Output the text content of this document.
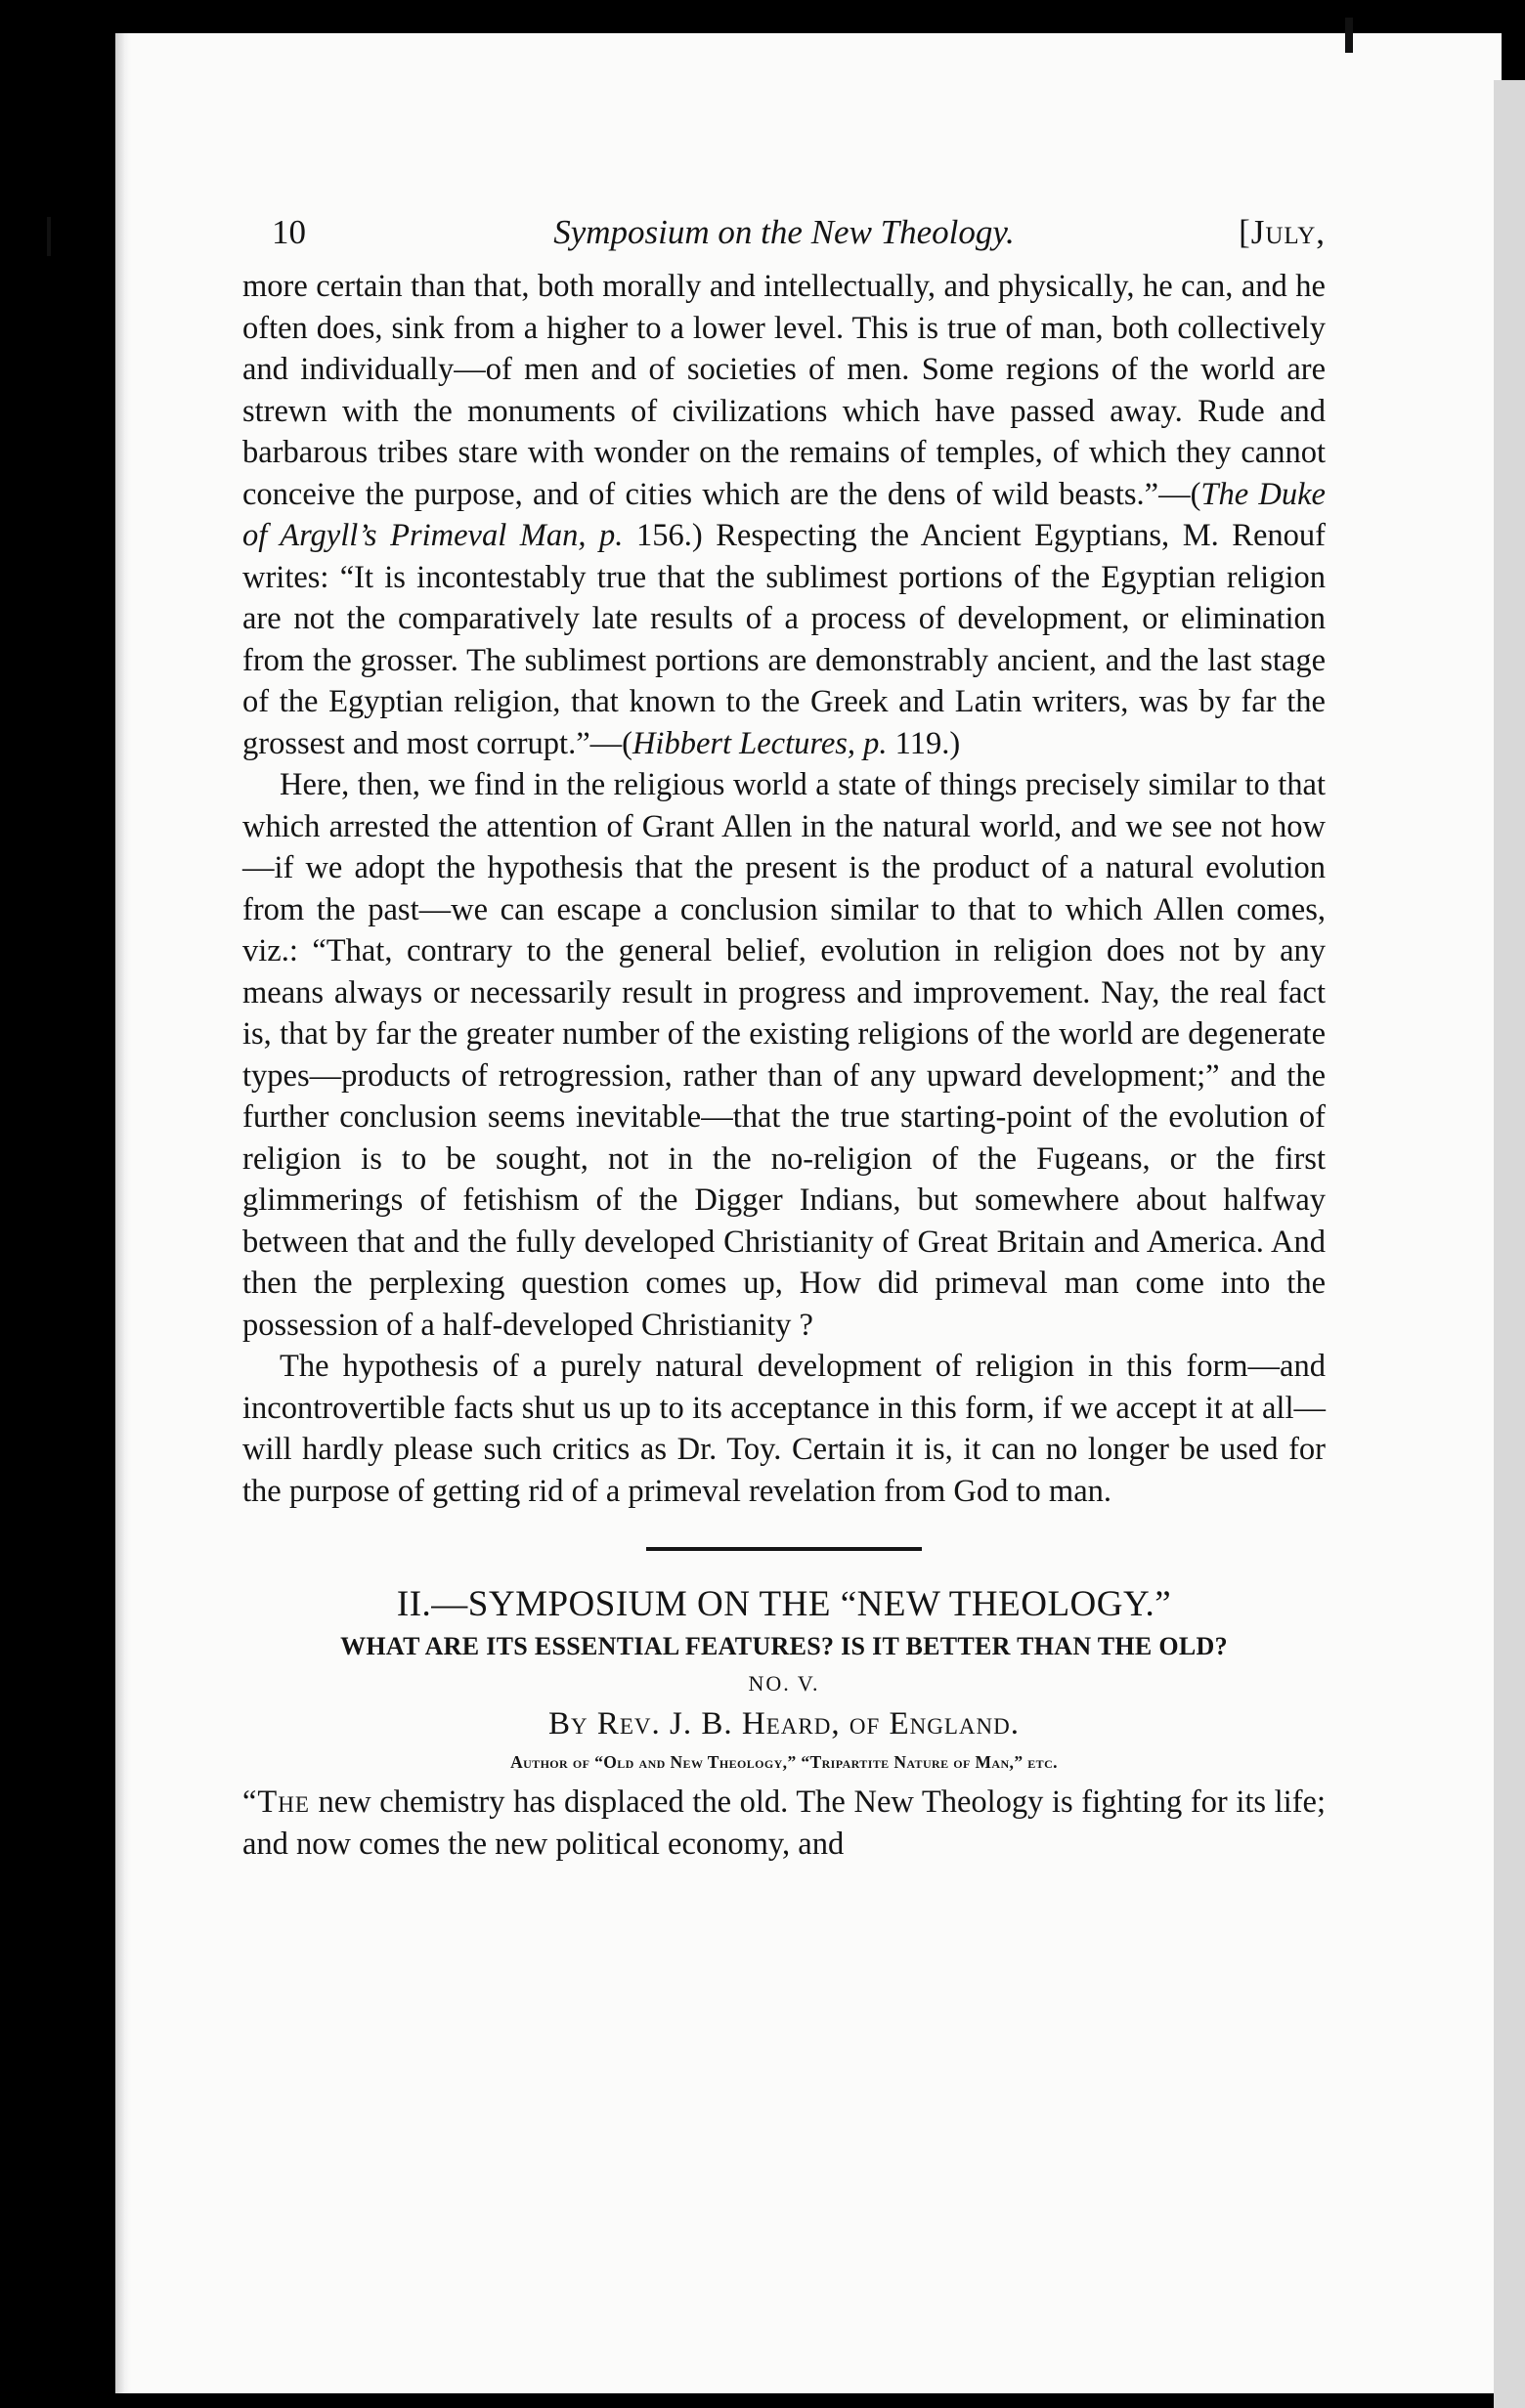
10	Symposium on the New Theology.	[July,

more certain than that, both morally and intellectually, and physically, he can, and he often does, sink from a higher to a lower level. This is true of man, both collectively and individually—of men and of societies of men. Some regions of the world are strewn with the monuments of civilizations which have passed away. Rude and barbarous tribes stare with wonder on the remains of temples, of which they cannot conceive the purpose, and of cities which are the dens of wild beasts.”—(The Duke of Argyll’s Primeval Man, p. 156.) Respecting the Ancient Egyptians, M. Renouf writes: “It is incontestably true that the sublimest portions of the Egyptian religion are not the comparatively late results of a process of development, or elimination from the grosser. The sublimest portions are demonstrably ancient, and the last stage of the Egyptian religion, that known to the Greek and Latin writers, was by far the grossest and most corrupt.”—(Hibbert Lectures, p. 119.)

Here, then, we find in the religious world a state of things precisely similar to that which arrested the attention of Grant Allen in the natural world, and we see not how—if we adopt the hypothesis that the present is the product of a natural evolution from the past—we can escape a conclusion similar to that to which Allen comes, viz.: “That, contrary to the general belief, evolution in religion does not by any means always or necessarily result in progress and improvement. Nay, the real fact is, that by far the greater number of the existing religions of the world are degenerate types—products of retrogression, rather than of any upward development;” and the further conclusion seems inevitable—that the true starting-point of the evolution of religion is to be sought, not in the no-religion of the Fugeans, or the first glimmerings of fetishism of the Digger Indians, but somewhere about halfway between that and the fully developed Christianity of Great Britain and America. And then the perplexing question comes up, How did primeval man come into the possession of a half-developed Christianity ?

The hypothesis of a purely natural development of religion in this form—and incontrovertible facts shut us up to its acceptance in this form, if we accept it at all—will hardly please such critics as Dr. Toy. Certain it is, it can no longer be used for the purpose of getting rid of a primeval revelation from God to man.

II.—SYMPOSIUM ON THE “NEW THEOLOGY.”
WHAT ARE ITS ESSENTIAL FEATURES? IS IT BETTER THAN THE OLD?
NO. V.
By Rev. J. B. Heard, of England.
Author of “Old and New Theology,” “Tripartite Nature of Man,” etc.

“The new chemistry has displaced the old. The New Theology is fighting for its life; and now comes the new political economy, and
